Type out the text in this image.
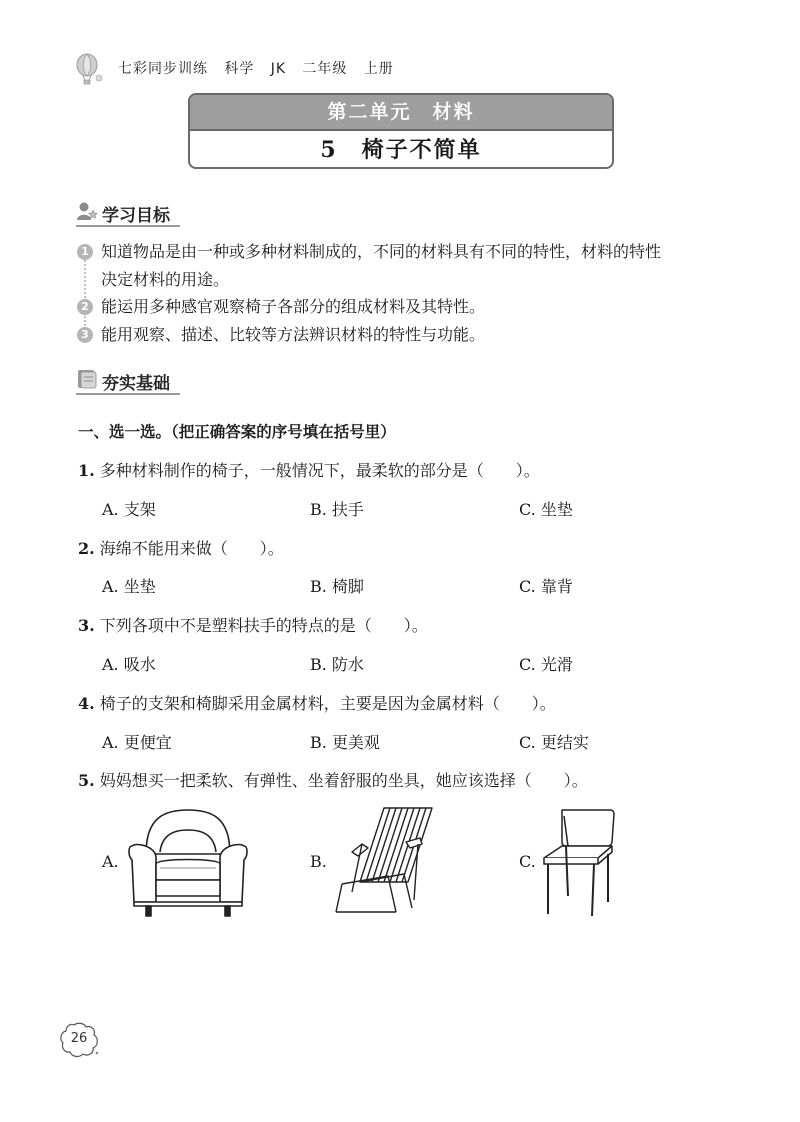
七彩同步训练 科学 JK 二年级 上册
第二单元　材料
5　椅子不简单
学习目标
1 知道物品是由一种或多种材料制成的，不同的材料具有不同的特性，材料的特性
决定材料的用途。
2 能运用多种感官观察椅子各部分的组成材料及其特性。
3 能用观察、描述、比较等方法辨识材料的特性与功能。
夯实基础
一、选一选。（把正确答案的序号填在括号里）
1. 多种材料制作的椅子，一般情况下，最柔软的部分是（　　）。
A. 支架	B. 扶手	C. 坐垫
2. 海绵不能用来做（　　）。
A. 坐垫	B. 椅脚	C. 靠背
3. 下列各项中不是塑料扶手的特点的是（　　）。
A. 吸水	B. 防水	C. 光滑
4. 椅子的支架和椅脚采用金属材料，主要是因为金属材料（　　）。
A. 更便宜	B. 更美观	C. 更结实
5. 妈妈想买一把柔软、有弹性、坐着舒服的坐具，她应该选择（　　）。
A.	B.	C.
26
